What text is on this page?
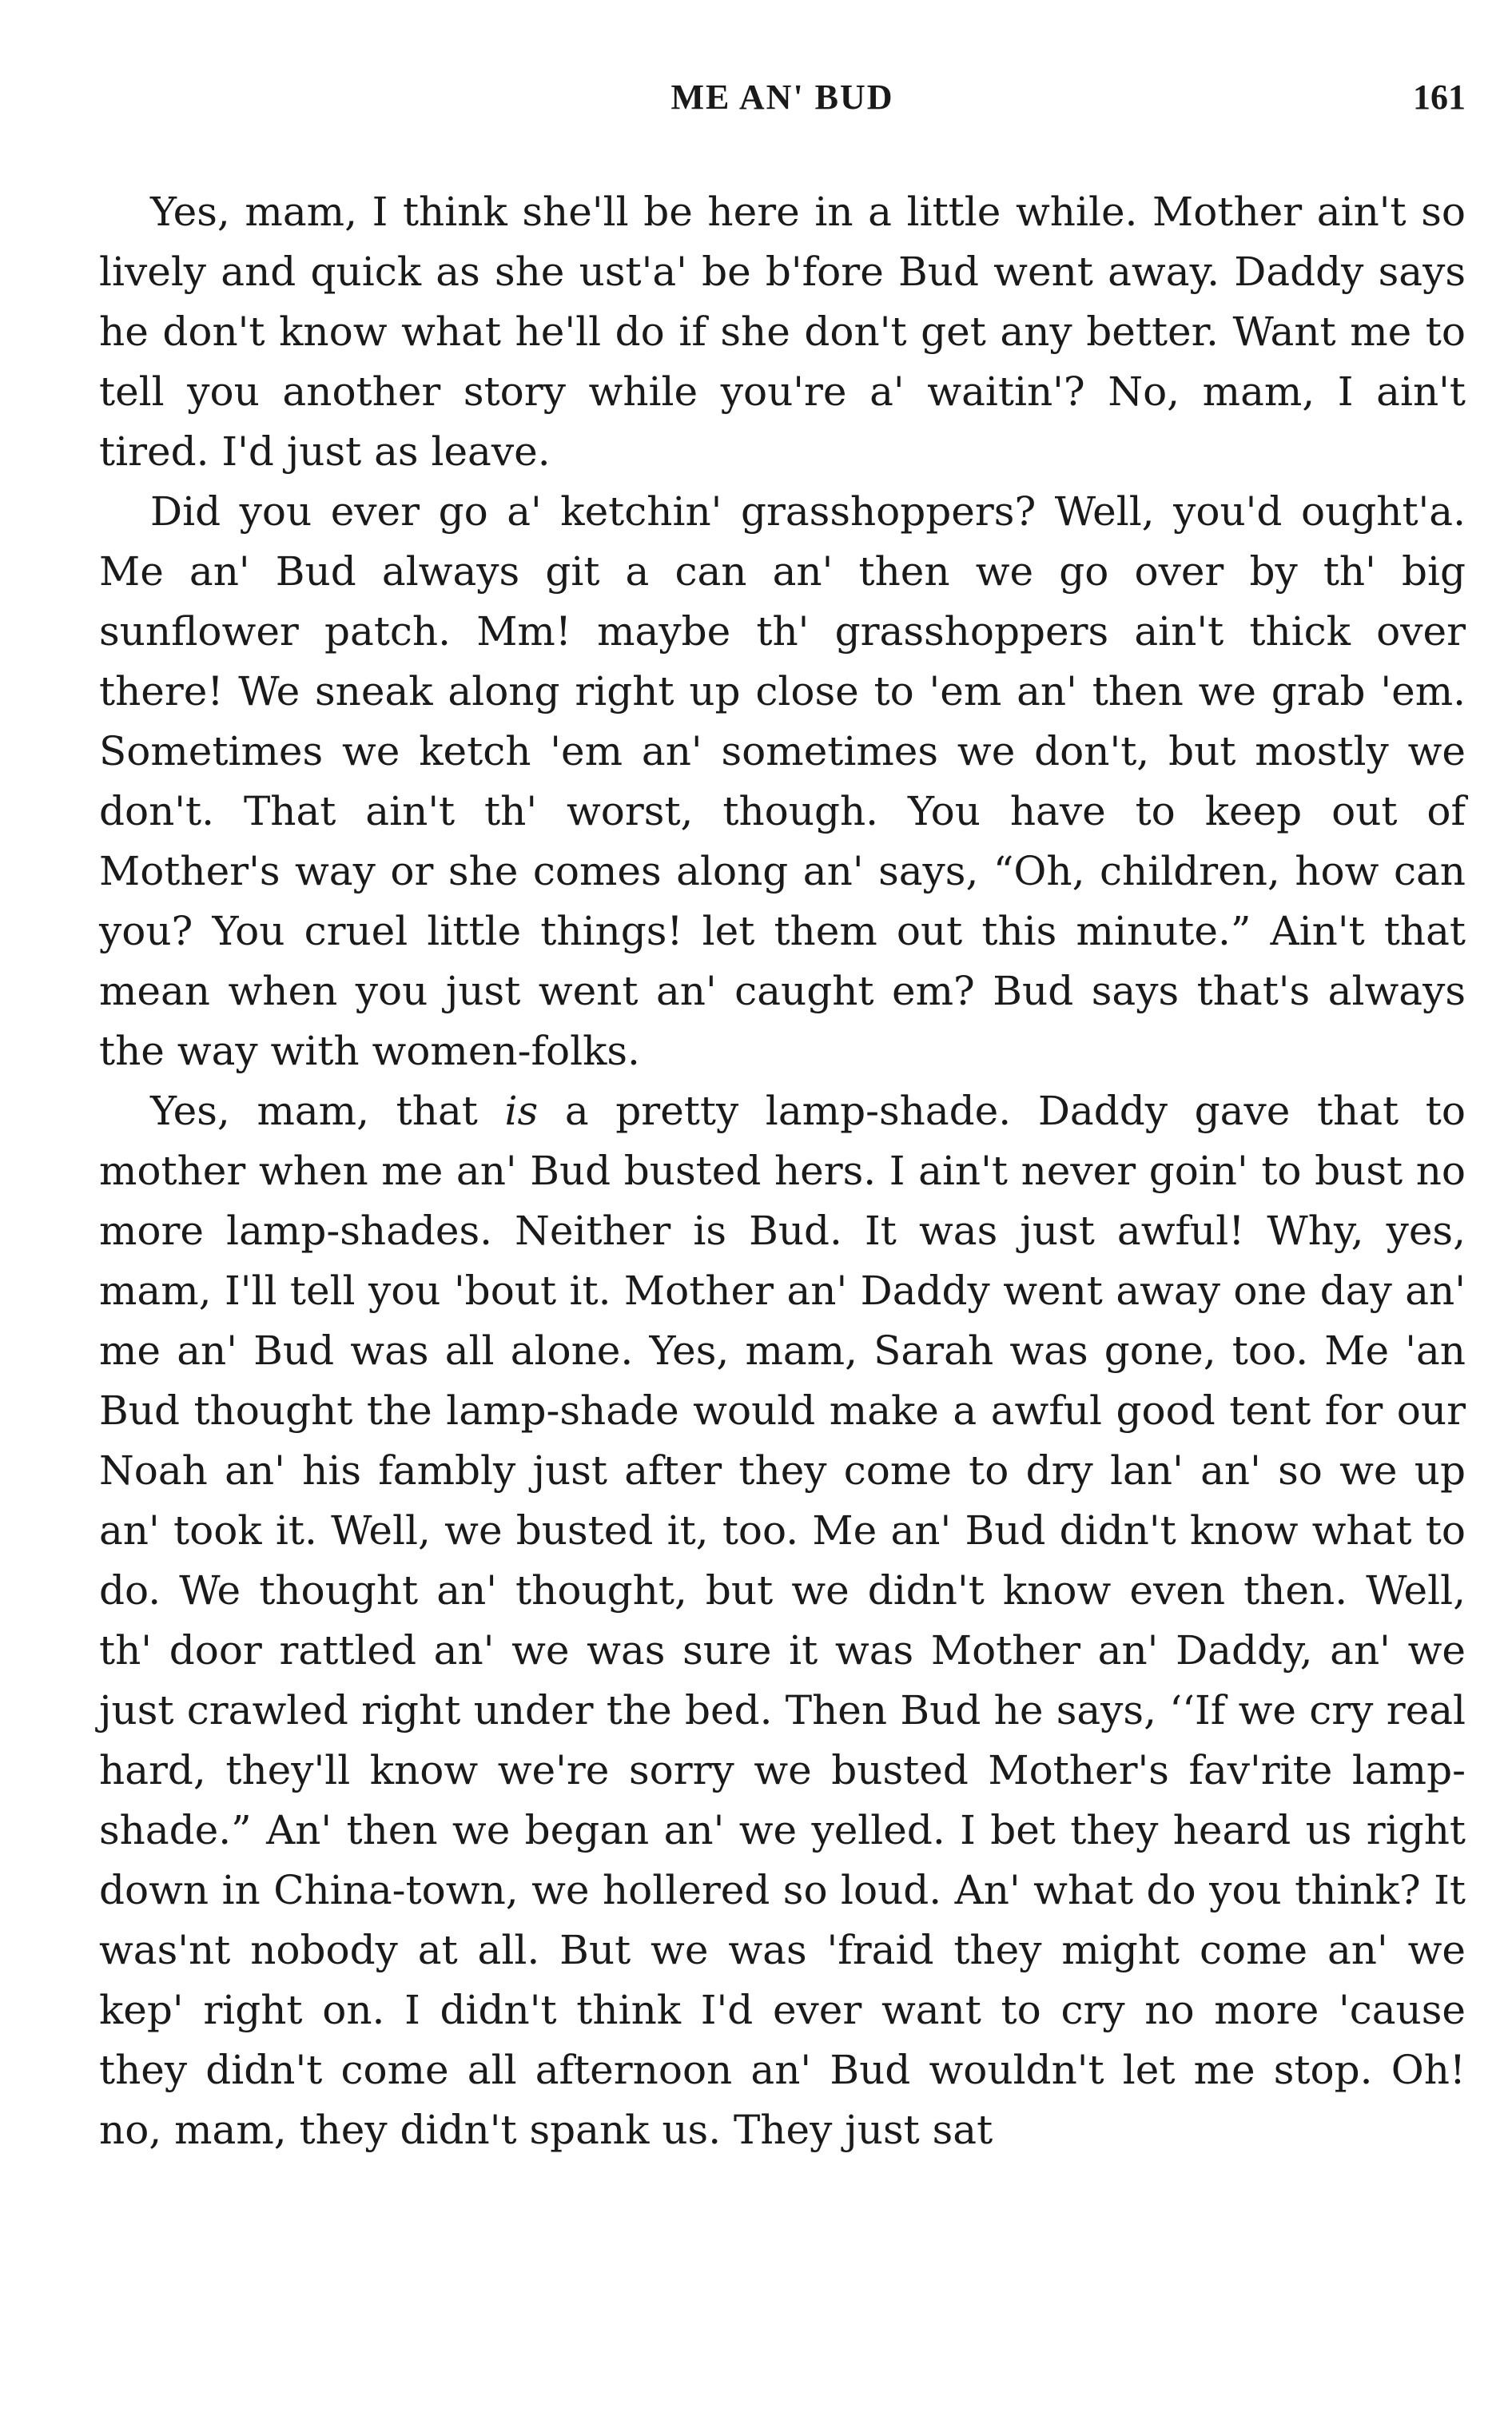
ME AN' BUD	161

Yes, mam, I think she'll be here in a little while. Mother ain't so lively and quick as she ust'a' be b'fore Bud went away. Daddy says he don't know what he'll do if she don't get any better. Want me to tell you another story while you're a' waitin'? No, mam, I ain't tired. I'd just as leave.

Did you ever go a' ketchin' grasshoppers? Well, you'd ought'a. Me an' Bud always git a can an' then we go over by th' big sunflower patch. Mm! maybe th' grasshoppers ain't thick over there! We sneak along right up close to 'em an' then we grab 'em. Sometimes we ketch 'em an' sometimes we don't, but mostly we don't. That ain't th' worst, though. You have to keep out of Mother's way or she comes along an' says, “Oh, children, how can you? You cruel little things! let them out this minute.” Ain't that mean when you just went an' caught em? Bud says that's always the way with women-folks.

Yes, mam, that is a pretty lamp-shade. Daddy gave that to mother when me an' Bud busted hers. I ain't never goin' to bust no more lamp-shades. Neither is Bud. It was just awful! Why, yes, mam, I'll tell you 'bout it. Mother an' Daddy went away one day an' me an' Bud was all alone. Yes, mam, Sarah was gone, too. Me 'an Bud thought the lamp-shade would make a awful good tent for our Noah an' his fambly just after they come to dry lan' an' so we up an' took it. Well, we busted it, too. Me an' Bud didn't know what to do. We thought an' thought, but we didn't know even then. Well, th' door rattled an' we was sure it was Mother an' Daddy, an' we just crawled right under the bed. Then Bud he says, ‘‘If we cry real hard, they'll know we're sorry we busted Mother's fav'rite lamp-shade.” An' then we began an' we yelled. I bet they heard us right down in China-town, we hollered so loud. An' what do you think? It was'nt nobody at all. But we was 'fraid they might come an' we kep' right on. I didn't think I'd ever want to cry no more 'cause they didn't come all afternoon an' Bud wouldn't let me stop. Oh! no, mam, they didn't spank us. They just sat
